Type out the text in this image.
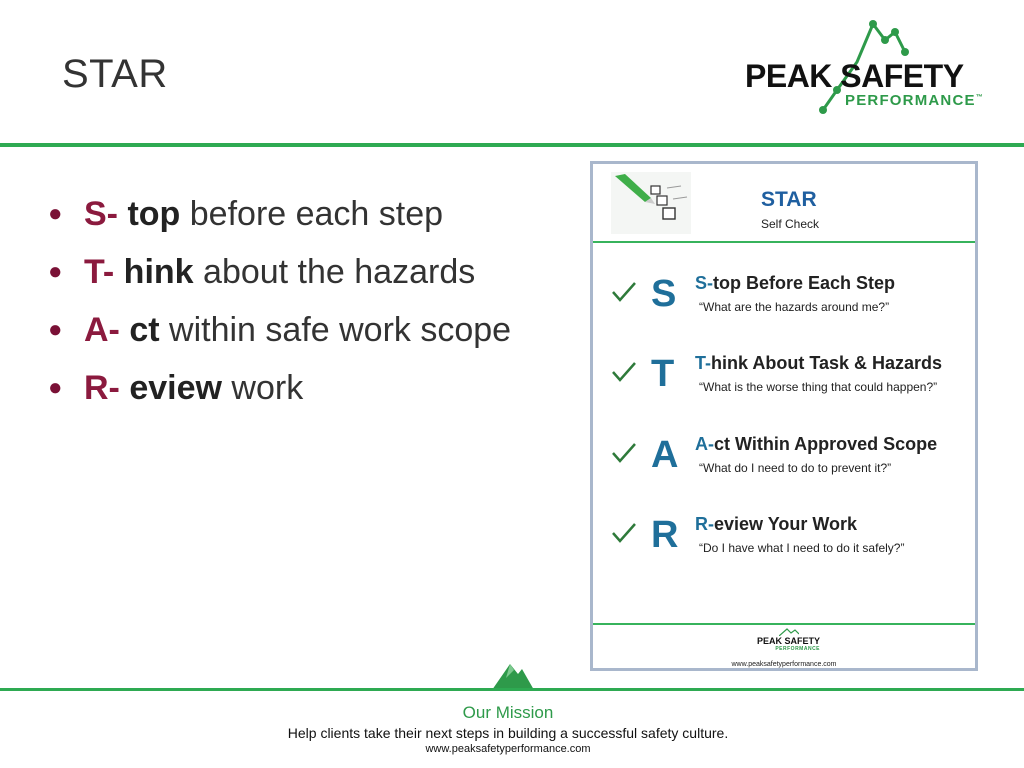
STAR	PEAK SAFETY
PERFORMANCE™
● S- top before each step
● T- hink about the hazards
● A- ct within safe work scope
● R- eview work
STAR
Self Check
S S-top Before Each Step
“What are the hazards around me?”
T T-hink About Task & Hazards
“What is the worse thing that could happen?”
A A-ct Within Approved Scope
“What do I need to do to prevent it?”
R R-eview Your Work
“Do I have what I need to do it safely?”
PEAK SAFETY
PERFORMANCE
www.peaksafetyperformance.com
Our Mission
Help clients take their next steps in building a successful safety culture.
www.peaksafetyperformance.com
